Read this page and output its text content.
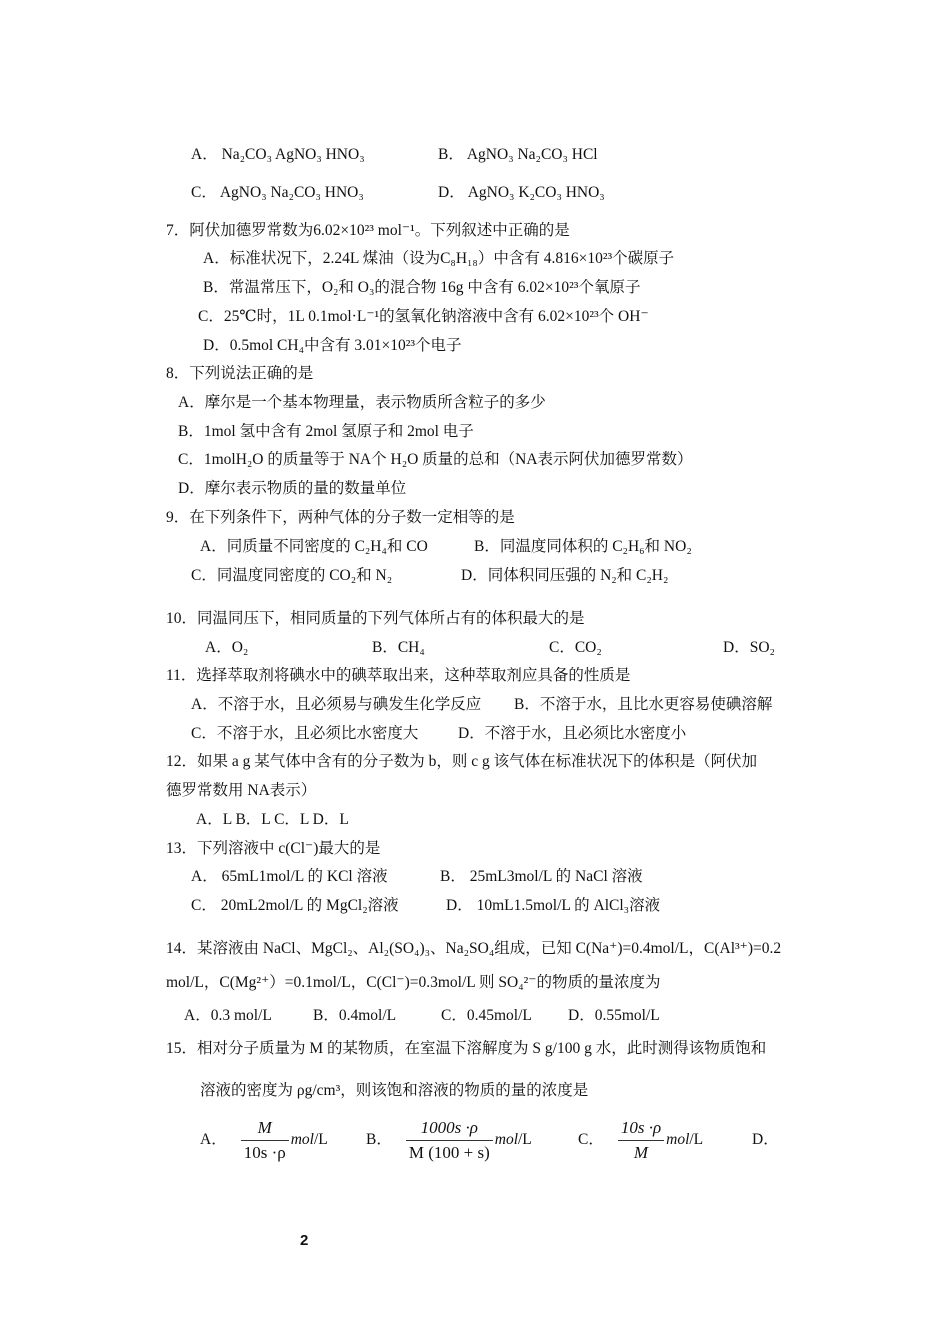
A． Na₂CO₃ AgNO₃ HNO₃	B． AgNO₃ Na₂CO₃ HCl
C． AgNO₃ Na₂CO₃ HNO₃	D． AgNO₃ K₂CO₃ HNO₃
7．阿伏加德罗常数为6.02×10²³ mol⁻¹。下列叙述中正确的是
A．标准状况下，2.24L 煤油（设为C₈H₁₈）中含有 4.816×10²³个碳原子
B．常温常压下，O₂和 O₃的混合物 16g 中含有 6.02×10²³个氧原子
C．25℃时，1L 0.1mol·L⁻¹的氢氧化钠溶液中含有 6.02×10²³个 OH⁻
D．0.5mol CH₄中含有 3.01×10²³个电子
8．下列说法正确的是
A．摩尔是一个基本物理量，表示物质所含粒子的多少
B．1mol 氢中含有 2mol 氢原子和 2mol 电子
C．1molH₂O 的质量等于 NA个 H₂O 质量的总和（NA表示阿伏加德罗常数）
D．摩尔表示物质的量的数量单位
9．在下列条件下，两种气体的分子数一定相等的是
A．同质量不同密度的 C₂H₄和 CO	B．同温度同体积的 C₂H₆和 NO₂
C．同温度同密度的 CO₂和 N₂	D．同体积同压强的 N₂和 C₂H₂
10．同温同压下，相同质量的下列气体所占有的体积最大的是
A．O₂	B．CH₄	C．CO₂	D．SO₂
11．选择萃取剂将碘水中的碘萃取出来，这种萃取剂应具备的性质是
A．不溶于水，且必须易与碘发生化学反应 B．不溶于水，且比水更容易使碘溶解
C．不溶于水，且必须比水密度大	D．不溶于水，且必须比水密度小
12．如果 a g 某气体中含有的分子数为 b，则 c g 该气体在标准状况下的体积是（阿伏加
德罗常数用 NA表示）
A．L B．L C．L D．L
13．下列溶液中 c(Cl⁻)最大的是
A． 65mL1mol/L 的 KCl 溶液	B． 25mL3mol/L 的 NaCl 溶液
C． 20mL2mol/L 的 MgCl₂溶液	D． 10mL1.5mol/L 的 AlCl₃溶液
14．某溶液由 NaCl、MgCl₂、Al₂(SO₄)₃、Na₂SO₄组成，已知 C(Na⁺)=0.4mol/L，C(Al³⁺)=0.2
mol/L，C(Mg²⁺）=0.1mol/L，C(Cl⁻)=0.3mol/L 则 SO₄²⁻的物质的量浓度为
A．0.3 mol/L	B．0.4mol/L	C．0.45mol/L D．0.55mol/L
15．相对分子质量为 M 的某物质，在室温下溶解度为 S g/100 g 水，此时测得该物质饱和
溶液的密度为 ρg/cm³，则该饱和溶液的物质的量的浓度是
A． $\frac{M}{10s \cdot\rho}$ mol /L B． $\frac{1000s \cdot\rho}{M (100 + s)}$ mol /L	C． $\frac{10s \cdot\rho}{M}$ mol /L	D．
2
